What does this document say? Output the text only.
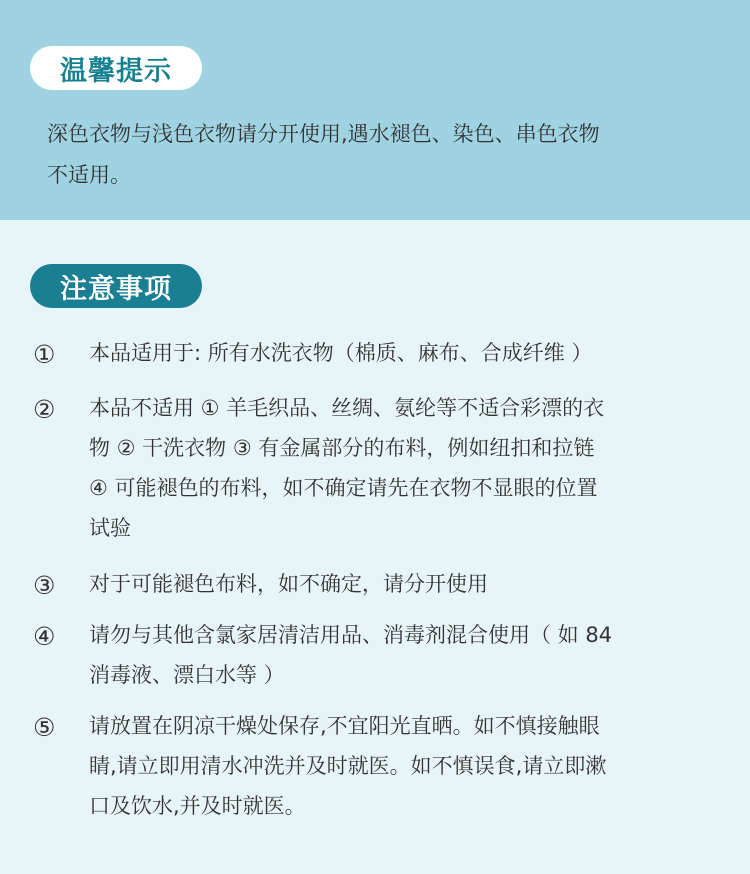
温馨提示
深色衣物与浅色衣物请分开使用,遇水褪色、染色、串色衣物
不适用。
注意事项
① 本品适用于: 所有水洗衣物（棉质、麻布、合成纤维 ）
② 本品不适用 ① 羊毛织品、丝绸、氨纶等不适合彩漂的衣
物 ② 干洗衣物 ③ 有金属部分的布料，例如纽扣和拉链
④ 可能褪色的布料，如不确定请先在衣物不显眼的位置
试验
③ 对于可能褪色布料，如不确定，请分开使用
④ 请勿与其他含氯家居清洁用品、消毒剂混合使用（ 如 84
消毒液、漂白水等 ）
⑤ 请放置在阴凉干燥处保存,不宜阳光直晒。如不慎接触眼
睛,请立即用清水冲洗并及时就医。如不慎误食,请立即漱
口及饮水,并及时就医。
